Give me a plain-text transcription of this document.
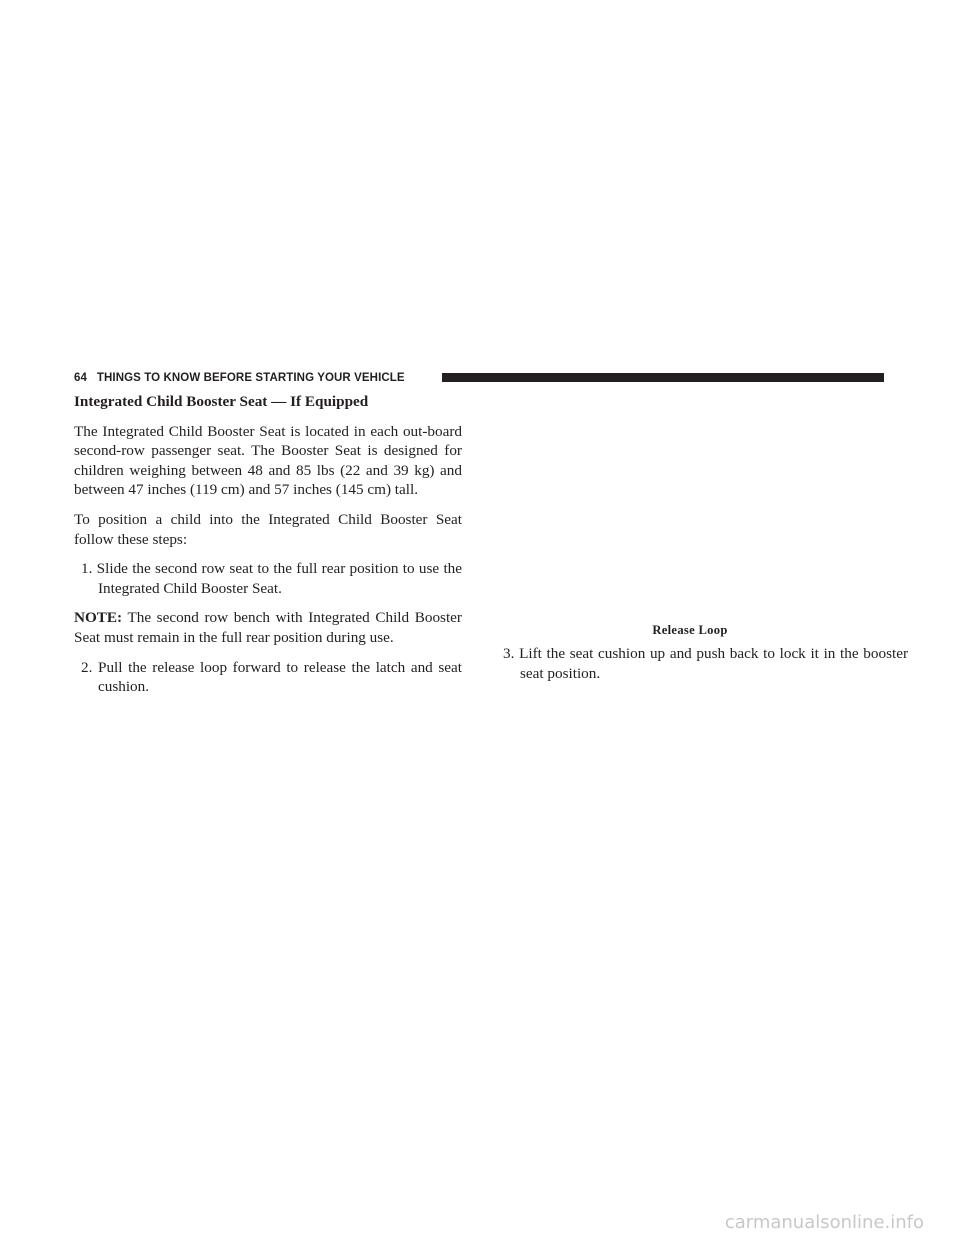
64 THINGS TO KNOW BEFORE STARTING YOUR VEHICLE

Integrated Child Booster Seat — If Equipped

The Integrated Child Booster Seat is located in each out-board second-row passenger seat. The Booster Seat is designed for children weighing between 48 and 85 lbs (22 and 39 kg) and between 47 inches (119 cm) and 57 inches (145 cm) tall.

To position a child into the Integrated Child Booster Seat follow these steps:

1. Slide the second row seat to the full rear position to use the Integrated Child Booster Seat.

NOTE: The second row bench with Integrated Child Booster Seat must remain in the full rear position during use.

2. Pull the release loop forward to release the latch and seat cushion.

Release Loop

3. Lift the seat cushion up and push back to lock it in the booster seat position.

carmanualsonline.info
